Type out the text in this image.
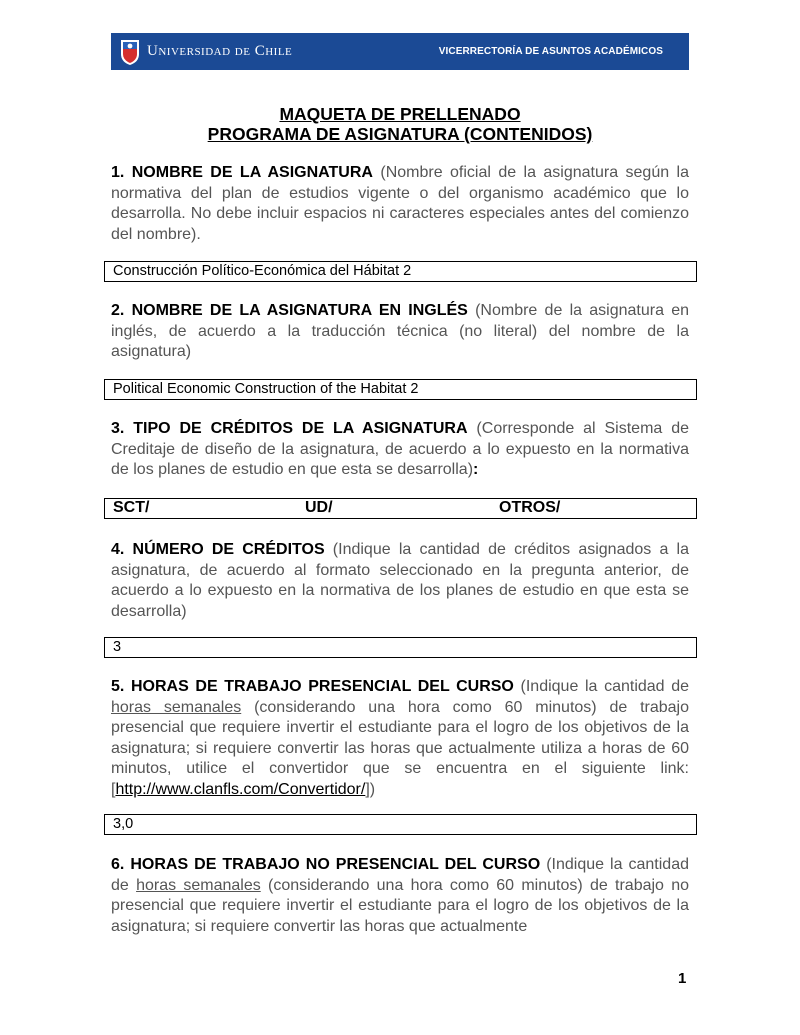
Universidad de Chile	VICERRECTORÍA DE ASUNTOS ACADÉMICOS
MAQUETA DE PRELLENADO
PROGRAMA DE ASIGNATURA (CONTENIDOS)
1. NOMBRE DE LA ASIGNATURA (Nombre oficial de la asignatura según la normativa del plan de estudios vigente o del organismo académico que lo desarrolla. No debe incluir espacios ni caracteres especiales antes del comienzo del nombre).
Construcción Político-Económica del Hábitat 2
2. NOMBRE DE LA ASIGNATURA EN INGLÉS (Nombre de la asignatura en inglés, de acuerdo a la traducción técnica (no literal) del nombre de la asignatura)
Political Economic Construction of the Habitat 2
3. TIPO DE CRÉDITOS DE LA ASIGNATURA (Corresponde al Sistema de Creditaje de diseño de la asignatura, de acuerdo a lo expuesto en la normativa de los planes de estudio en que esta se desarrolla):
SCT/	UD/	OTROS/
4. NÚMERO DE CRÉDITOS (Indique la cantidad de créditos asignados a la asignatura, de acuerdo al formato seleccionado en la pregunta anterior, de acuerdo a lo expuesto en la normativa de los planes de estudio en que esta se desarrolla)
3
5. HORAS DE TRABAJO PRESENCIAL DEL CURSO (Indique la cantidad de horas semanales (considerando una hora como 60 minutos) de trabajo presencial que requiere invertir el estudiante para el logro de los objetivos de la asignatura; si requiere convertir las horas que actualmente utiliza a horas de 60 minutos, utilice el convertidor que se encuentra en el siguiente link: [http://www.clanfls.com/Convertidor/])
3,0
6. HORAS DE TRABAJO NO PRESENCIAL DEL CURSO (Indique la cantidad de horas semanales (considerando una hora como 60 minutos) de trabajo no presencial que requiere invertir el estudiante para el logro de los objetivos de la asignatura; si requiere convertir las horas que actualmente
1
